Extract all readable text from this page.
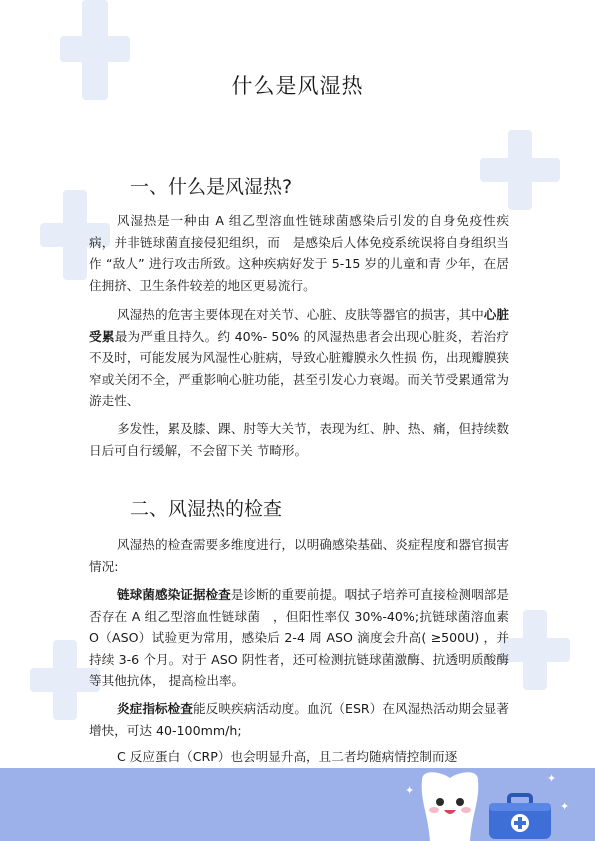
什么是风湿热
一、什么是风湿热?

风湿热是一种由 A 组乙型溶血性链球菌感染后引发的自身免疫性疾病，并非链球菌直接侵犯组织，而　是感染后人体免疫系统误将自身组织当作 “敌人” 进行攻击所致。这种疾病好发于 5-15 岁的儿童和青 少年，在居住拥挤、卫生条件较差的地区更易流行。

风湿热的危害主要体现在对关节、心脏、皮肤等器官的损害，其中心脏受累最为严重且持久。约 40%- 50% 的风湿热患者会出现心脏炎，若治疗不及时，可能发展为风湿性心脏病，导致心脏瓣膜永久性损 伤，出现瓣膜狭窄或关闭不全，严重影响心脏功能，甚至引发心力衰竭。而关节受累通常为游走性、

多发性，累及膝、踝、肘等大关节，表现为红、肿、热、痛，但持续数日后可自行缓解，不会留下关 节畸形。

二、风湿热的检查

风湿热的检查需要多维度进行，以明确感染基础、炎症程度和器官损害情况:

链球菌感染证据检查是诊断的重要前提。咽拭子培养可直接检测咽部是否存在 A 组乙型溶血性链球菌　，但阳性率仅 30%-40%;抗链球菌溶血素 O（ASO）试验更为常用，感染后 2-4 周 ASO 滴度会升高( ≥500U) ，并持续 3-6 个月。对于 ASO 阴性者，还可检测抗链球菌激酶、抗透明质酸酶等其他抗体， 提高检出率。

炎症指标检查能反映疾病活动度。血沉（ESR）在风湿热活动期会显著增快，可达 40-100mm/h;

C 反应蛋白（CRP）也会明显升高，且二者均随病情控制而逐

✦
✦
✦
